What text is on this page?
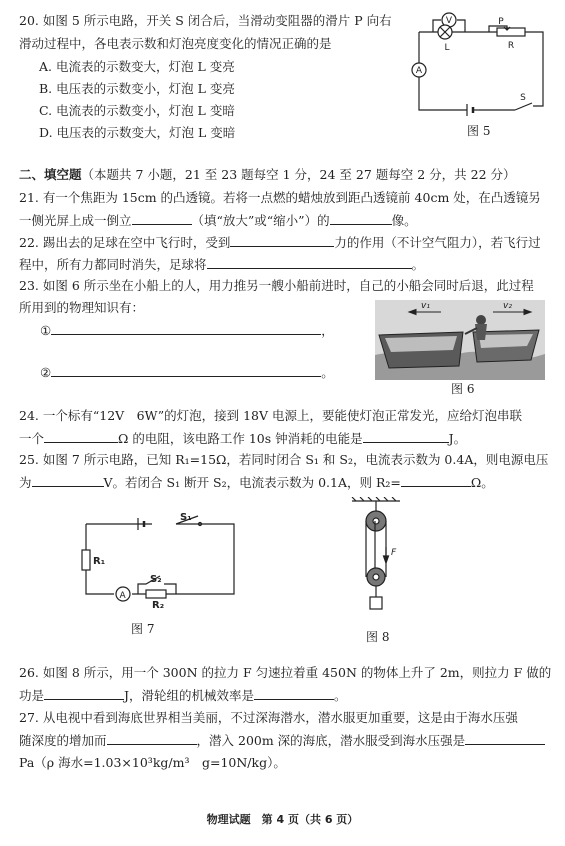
20. 如图 5 所示电路，开关 S 闭合后，当滑动变阻器的滑片 P 向右
滑动过程中，各电表示数和灯泡亮度变化的情况正确的是
A. 电流表的示数变大，灯泡 L 变亮
B. 电压表的示数变小，灯泡 L 变亮
C. 电流表的示数变小，灯泡 L 变暗
D. 电压表的示数变大，灯泡 L 变暗
V
A
L
P
R
S
图 5
二、填空题（本题共 7 小题，21 至 23 题每空 1 分，24 至 27 题每空 2 分，共 22 分）
21. 有一个焦距为 15cm 的凸透镜。若将一点燃的蜡烛放到距凸透镜前 40cm 处，在凸透镜另
一侧光屏上成一倒立	（填“放大”或“缩小”）的	像。
22. 踢出去的足球在空中飞行时，受到	力的作用（不计空气阻力），若飞行过
程中，所有力都同时消失，足球将	。
23. 如图 6 所示坐在小船上的人，用力推另一艘小船前进时，自己的小船会同时后退，此过程
所用到的物理知识有：
①	，
②	。
v₁	v₂
图 6
24. 一个标有“12V　6W”的灯泡，接到 18V 电源上，要能使灯泡正常发光，应给灯泡串联
一个	Ω 的电阻，该电路工作 10s 钟消耗的电能是	J。
25. 如图 7 所示电路，已知 R₁=15Ω，若同时闭合 S₁ 和 S₂，电流表示数为 0.4A，则电源电压
为	V。若闭合 S₁ 断开 S₂，电流表示数为 0.1A，则 R₂=	Ω。
S₁
R₁
S₂
R₂
A
图 7
F
图 8
26. 如图 8 所示，用一个 300N 的拉力 F 匀速拉着重 450N 的物体上升了 2m，则拉力 F 做的
功是	J，滑轮组的机械效率是	。
27. 从电视中看到海底世界相当美丽，不过深海潜水，潜水服更加重要，这是由于海水压强
随深度的增加而	，潜入 200m 深的海底，潜水服受到海水压强是
Pa（ρ 海水=1.03×10³kg/m³　g=10N/kg）。
物理试题　第 4 页（共 6 页）
